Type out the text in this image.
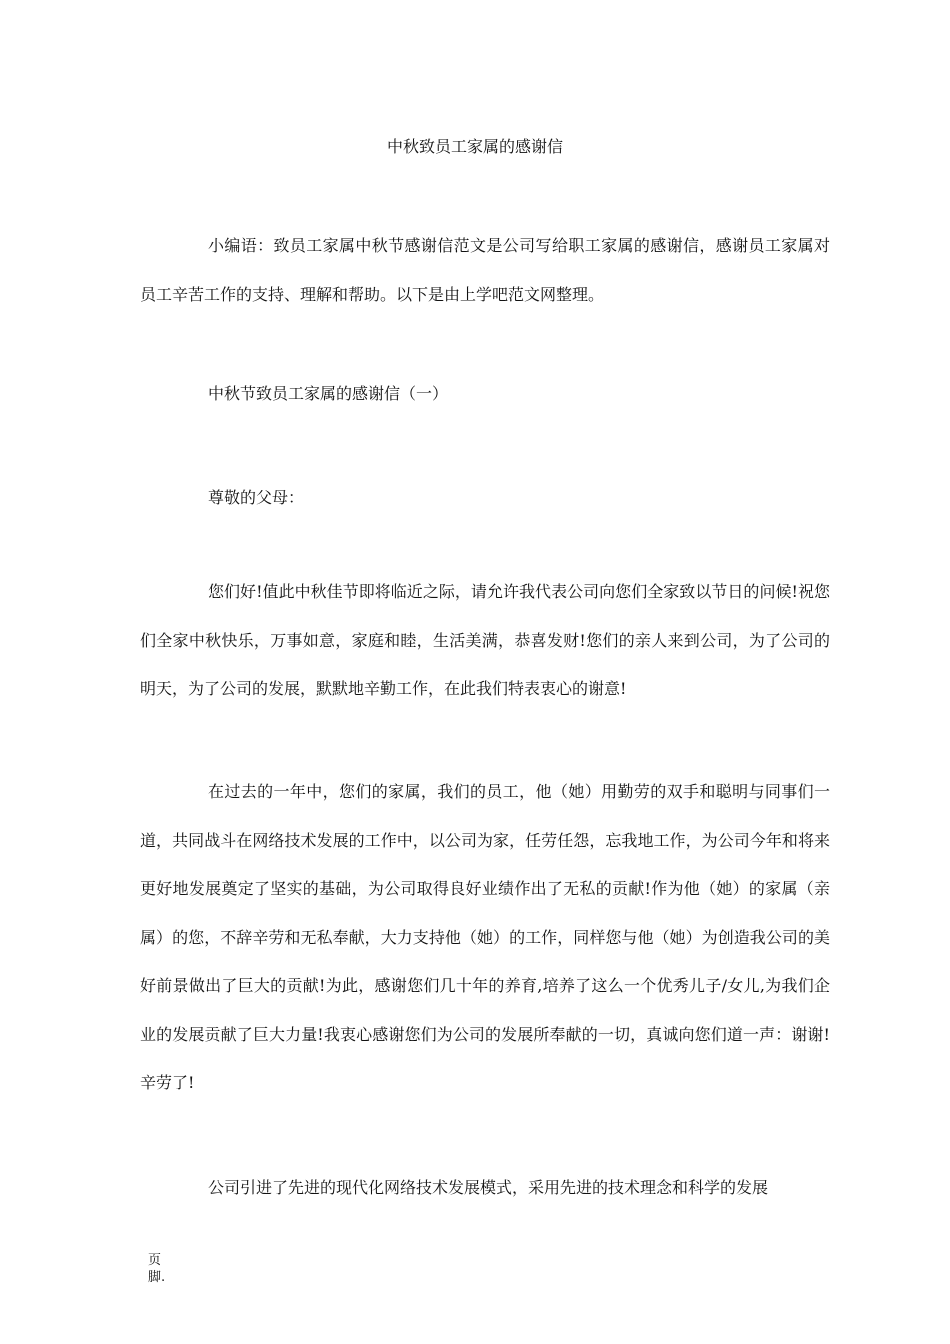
中秋致员工家属的感谢信
小编语：致员工家属中秋节感谢信范文是公司写给职工家属的感谢信，感谢员工家属对员工辛苦工作的支持、理解和帮助。以下是由上学吧范文网整理。
中秋节致员工家属的感谢信（一）
尊敬的父母：
您们好!值此中秋佳节即将临近之际，请允许我代表公司向您们全家致以节日的问候!祝您们全家中秋快乐，万事如意，家庭和睦，生活美满，恭喜发财!您们的亲人来到公司，为了公司的明天，为了公司的发展，默默地辛勤工作，在此我们特表衷心的谢意!
在过去的一年中，您们的家属，我们的员工，他（她）用勤劳的双手和聪明与同事们一道，共同战斗在网络技术发展的工作中，以公司为家，任劳任怨，忘我地工作，为公司今年和将来更好地发展奠定了坚实的基础，为公司取得良好业绩作出了无私的贡献!作为他（她）的家属（亲属）的您，不辞辛劳和无私奉献，大力支持他（她）的工作，同样您与他（她）为创造我公司的美好前景做出了巨大的贡献!为此，感谢您们几十年的养育,培养了这么一个优秀儿子/女儿,为我们企业的发展贡献了巨大力量!我衷心感谢您们为公司的发展所奉献的一切，真诚向您们道一声：谢谢!辛劳了!
公司引进了先进的现代化网络技术发展模式，采用先进的技术理念和科学的发展
页脚.
